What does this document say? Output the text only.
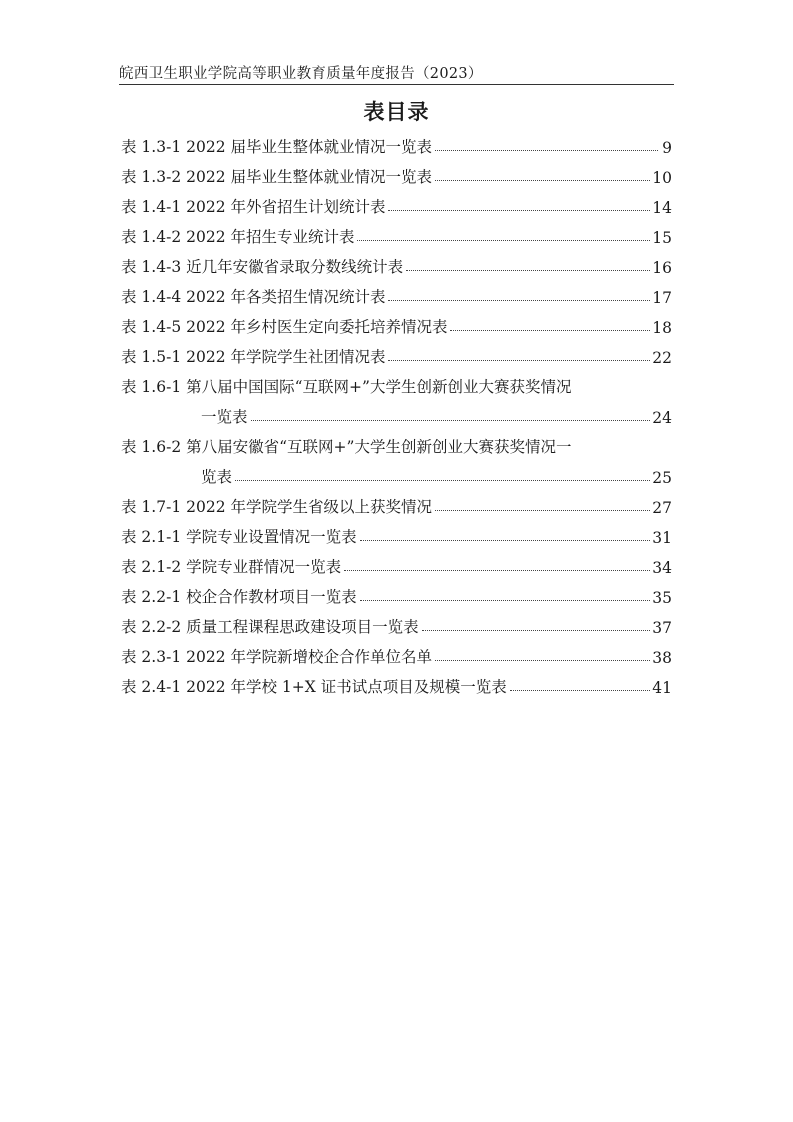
皖西卫生职业学院高等职业教育质量年度报告（2023）
表目录
表 1.3-1 2022 届毕业生整体就业情况一览表	9
表 1.3-2 2022 届毕业生整体就业情况一览表	10
表 1.4-1 2022 年外省招生计划统计表	14
表 1.4-2 2022 年招生专业统计表	15
表 1.4-3 近几年安徽省录取分数线统计表	16
表 1.4-4 2022 年各类招生情况统计表	17
表 1.4-5 2022 年乡村医生定向委托培养情况表	18
表 1.5-1 2022 年学院学生社团情况表	22
表 1.6-1 第八届中国国际“互联网+”大学生创新创业大赛获奖情况
一览表	24
表 1.6-2 第八届安徽省“互联网+”大学生创新创业大赛获奖情况一
览表	25
表 1.7-1 2022 年学院学生省级以上获奖情况	27
表 2.1-1 学院专业设置情况一览表	31
表 2.1-2 学院专业群情况一览表	34
表 2.2-1 校企合作教材项目一览表	35
表 2.2-2 质量工程课程思政建设项目一览表	37
表 2.3-1 2022 年学院新增校企合作单位名单	38
表 2.4-1 2022 年学校 1+X 证书试点项目及规模一览表	41
